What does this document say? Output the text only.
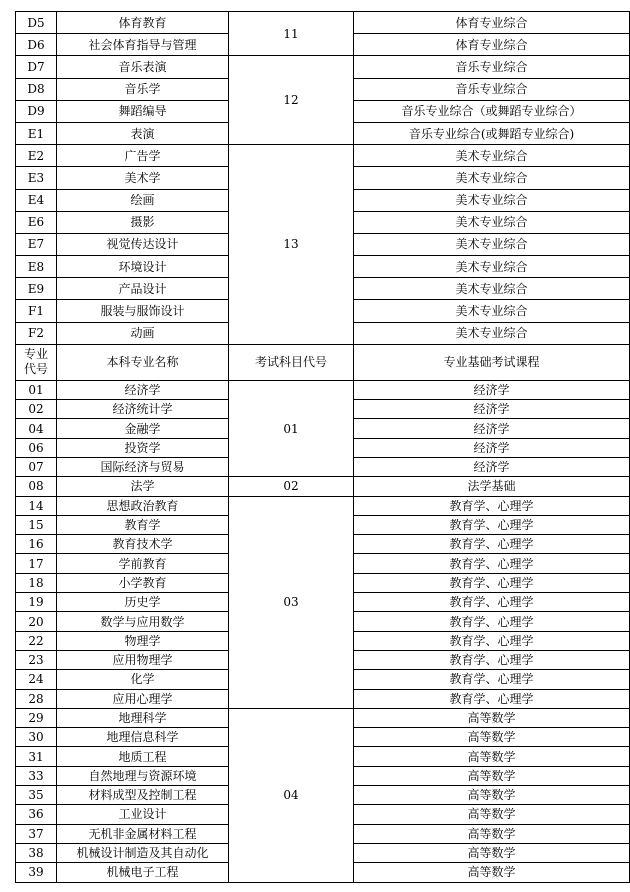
D5	体育教育	11	体育专业综合
D6	社会体育指导与管理		体育专业综合
D7	音乐表演	12	音乐专业综合
D8	音乐学		音乐专业综合
D9	舞蹈编导		音乐专业综合（或舞蹈专业综合）
E1	表演		音乐专业综合(或舞蹈专业综合)
E2	广告学	13	美术专业综合
E3	美术学		美术专业综合
E4	绘画		美术专业综合
E6	摄影		美术专业综合
E7	视觉传达设计		美术专业综合
E8	环境设计		美术专业综合
E9	产品设计		美术专业综合
F1	服装与服饰设计		美术专业综合
F2	动画		美术专业综合

专业
代号	本科专业名称	考试科目代号	专业基础考试课程
01	经济学	01	经济学
02	经济统计学		经济学
04	金融学		经济学
06	投资学		经济学
07	国际经济与贸易		经济学
08	法学	02	法学基础
14	思想政治教育	03	教育学、心理学
15	教育学		教育学、心理学
16	教育技术学		教育学、心理学
17	学前教育		教育学、心理学
18	小学教育		教育学、心理学
19	历史学		教育学、心理学
20	数学与应用数学		教育学、心理学
22	物理学		教育学、心理学
23	应用物理学		教育学、心理学
24	化学		教育学、心理学
28	应用心理学		教育学、心理学
29	地理科学	04	高等数学
30	地理信息科学		高等数学
31	地质工程		高等数学
33	自然地理与资源环境		高等数学
35	材料成型及控制工程		高等数学
36	工业设计		高等数学
37	无机非金属材料工程		高等数学
38	机械设计制造及其自动化		高等数学
39	机械电子工程		高等数学
